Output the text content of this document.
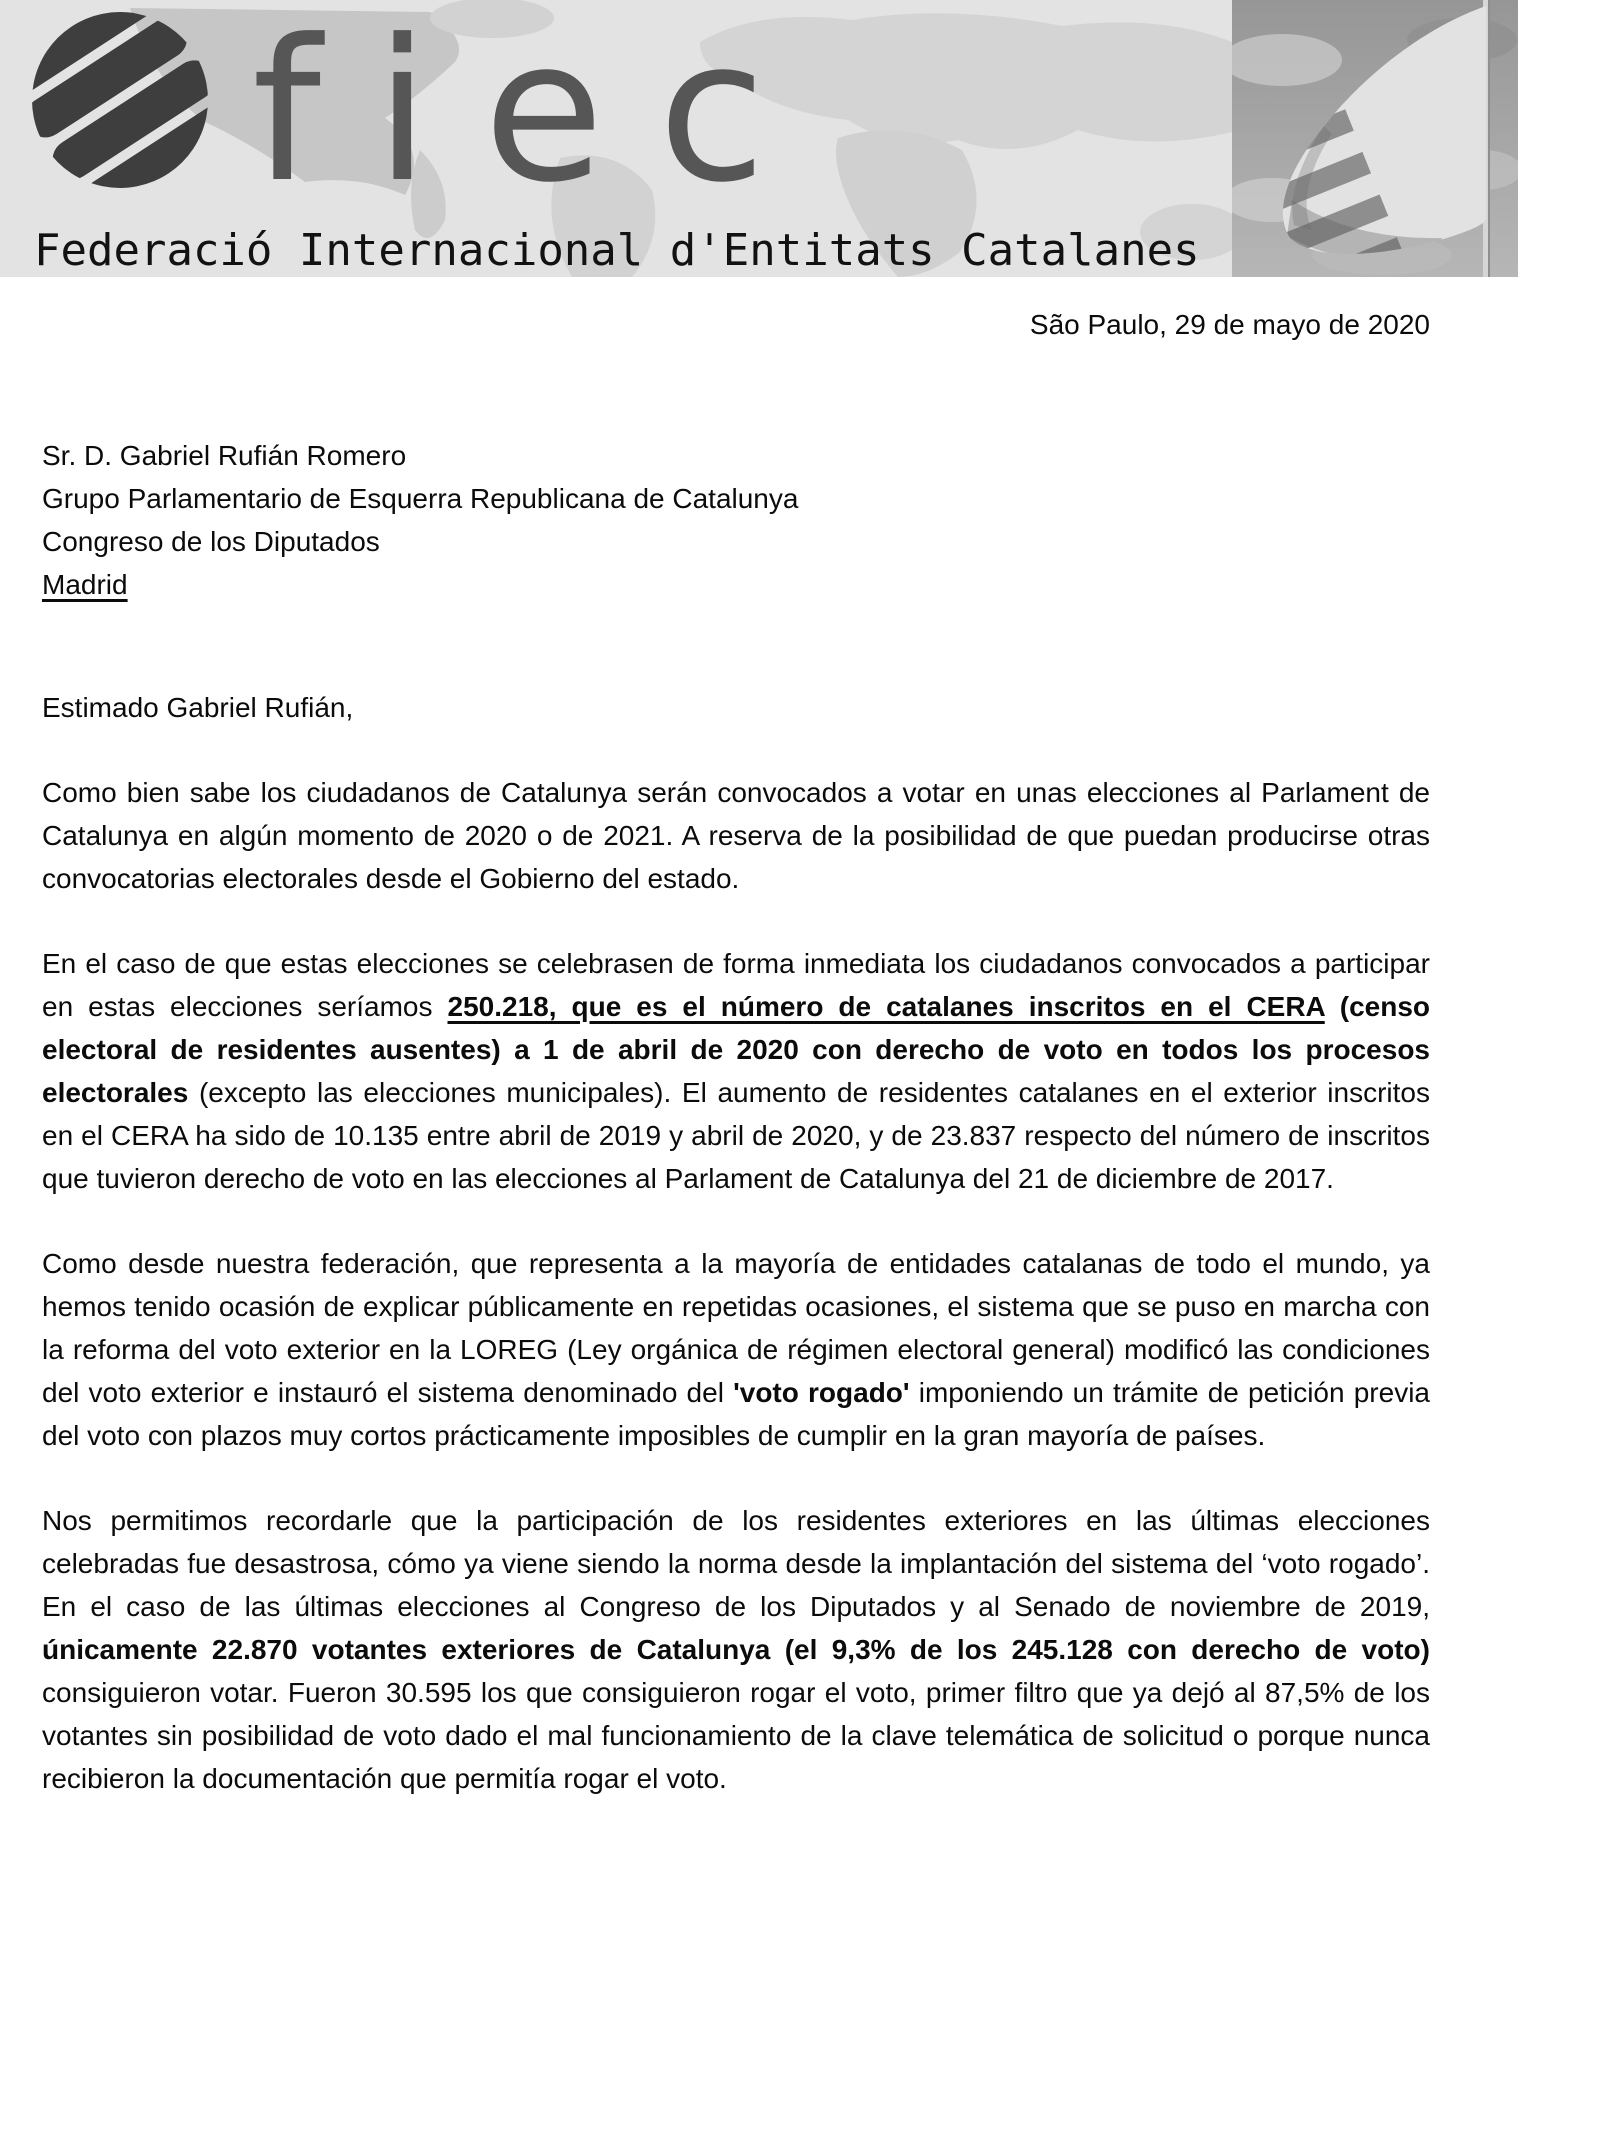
fiec
Federació Internacional d'Entitats Catalanes
São Paulo, 29 de mayo de 2020
Sr. D. Gabriel Rufián Romero
Grupo Parlamentario de Esquerra Republicana de Catalunya
Congreso de los Diputados
Madrid
Estimado Gabriel Rufián,

Como bien sabe los ciudadanos de Catalunya serán convocados a votar en unas elecciones al Parlament de Catalunya en algún momento de 2020 o de 2021. A reserva de la posibilidad de que puedan producirse otras convocatorias electorales desde el Gobierno del estado.

En el caso de que estas elecciones se celebrasen de forma inmediata los ciudadanos convocados a participar en estas elecciones seríamos 250.218, que es el número de catalanes inscritos en el CERA (censo electoral de residentes ausentes) a 1 de abril de 2020 con derecho de voto en todos los procesos electorales (excepto las elecciones municipales). El aumento de residentes catalanes en el exterior inscritos en el CERA ha sido de 10.135 entre abril de 2019 y abril de 2020, y de 23.837 respecto del número de inscritos que tuvieron derecho de voto en las elecciones al Parlament de Catalunya del 21 de diciembre de 2017.

Como desde nuestra federación, que representa a la mayoría de entidades catalanas de todo el mundo, ya hemos tenido ocasión de explicar públicamente en repetidas ocasiones, el sistema que se puso en marcha con la reforma del voto exterior en la LOREG (Ley orgánica de régimen electoral general) modificó las condiciones del voto exterior e instauró el sistema denominado del 'voto rogado' imponiendo un trámite de petición previa del voto con plazos muy cortos prácticamente imposibles de cumplir en la gran mayoría de países.

Nos permitimos recordarle que la participación de los residentes exteriores en las últimas elecciones celebradas fue desastrosa, cómo ya viene siendo la norma desde la implantación del sistema del ‘voto rogado’. En el caso de las últimas elecciones al Congreso de los Diputados y al Senado de noviembre de 2019, únicamente 22.870 votantes exteriores de Catalunya (el 9,3% de los 245.128 con derecho de voto) consiguieron votar. Fueron 30.595 los que consiguieron rogar el voto, primer filtro que ya dejó al 87,5% de los votantes sin posibilidad de voto dado el mal funcionamiento de la clave telemática de solicitud o porque nunca recibieron la documentación que permitía rogar el voto.
